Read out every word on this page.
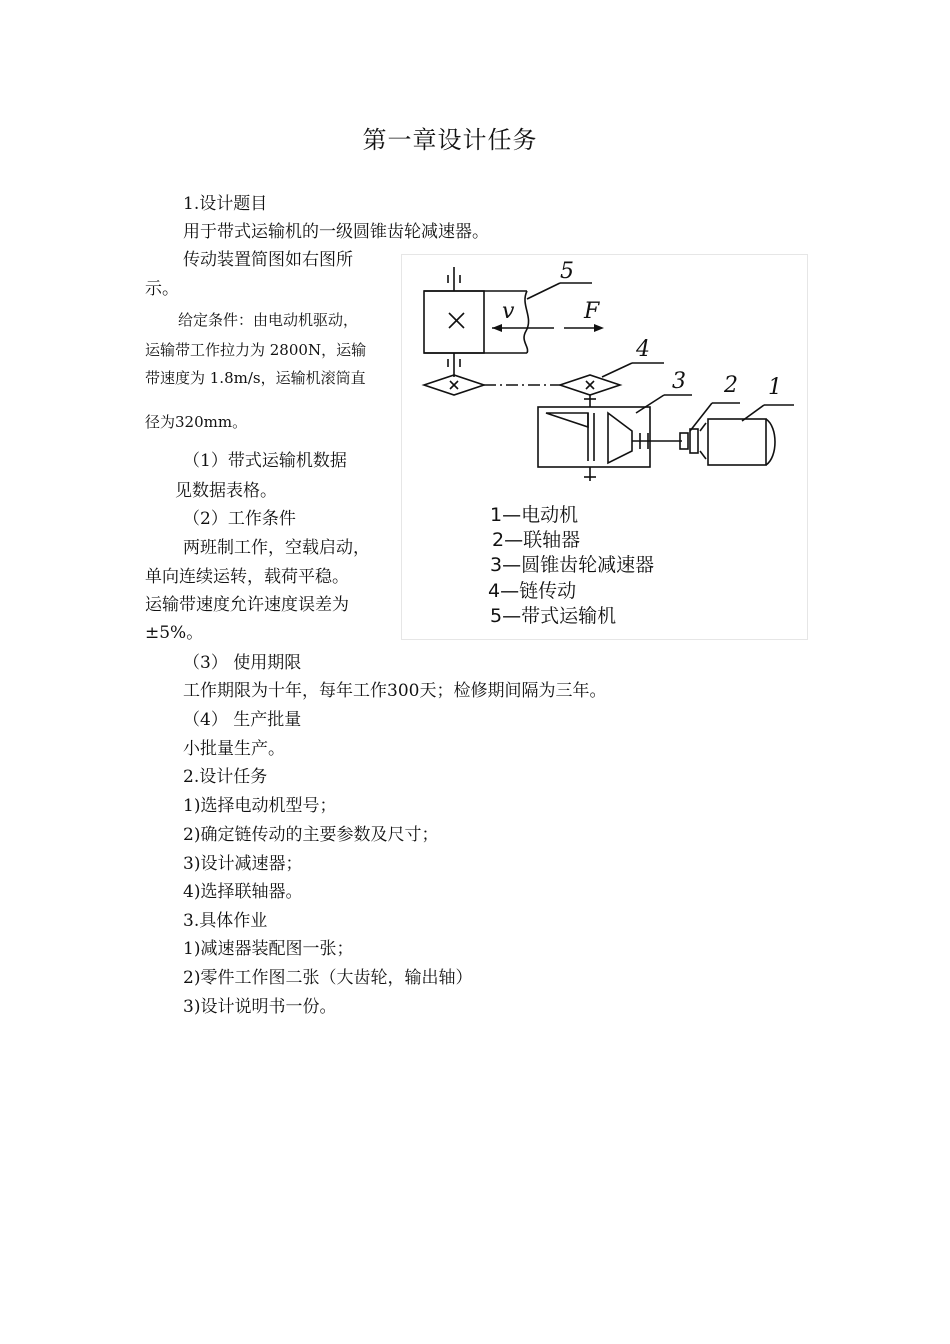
第一章设计任务
1.设计题目
用于带式运输机的一级圆锥齿轮减速器。
传动装置简图如右图所
示。
给定条件：由电动机驱动，
运输带工作拉力为 2800N，运输
带速度为 1.8m/s，运输机滚筒直
径为320mm。
（1）带式运输机数据
见数据表格。
（2）工作条件
两班制工作，空载启动，
单向连续运转，载荷平稳。
运输带速度允许速度误差为
±5%。
（3） 使用期限
工作期限为十年，每年工作300天；检修期间隔为三年。
（4） 生产批量
小批量生产。
2.设计任务
1)选择电动机型号；
2)确定链传动的主要参数及尺寸；
3)设计减速器；
4)选择联轴器。
3.具体作业
1)减速器装配图一张；
2)零件工作图二张（大齿轮，输出轴）
3)设计说明书一份。
5
4
3 2 1
v	F
1—电动机
2—联轴器
3—圆锥齿轮减速器
4—链传动
5—带式运输机
